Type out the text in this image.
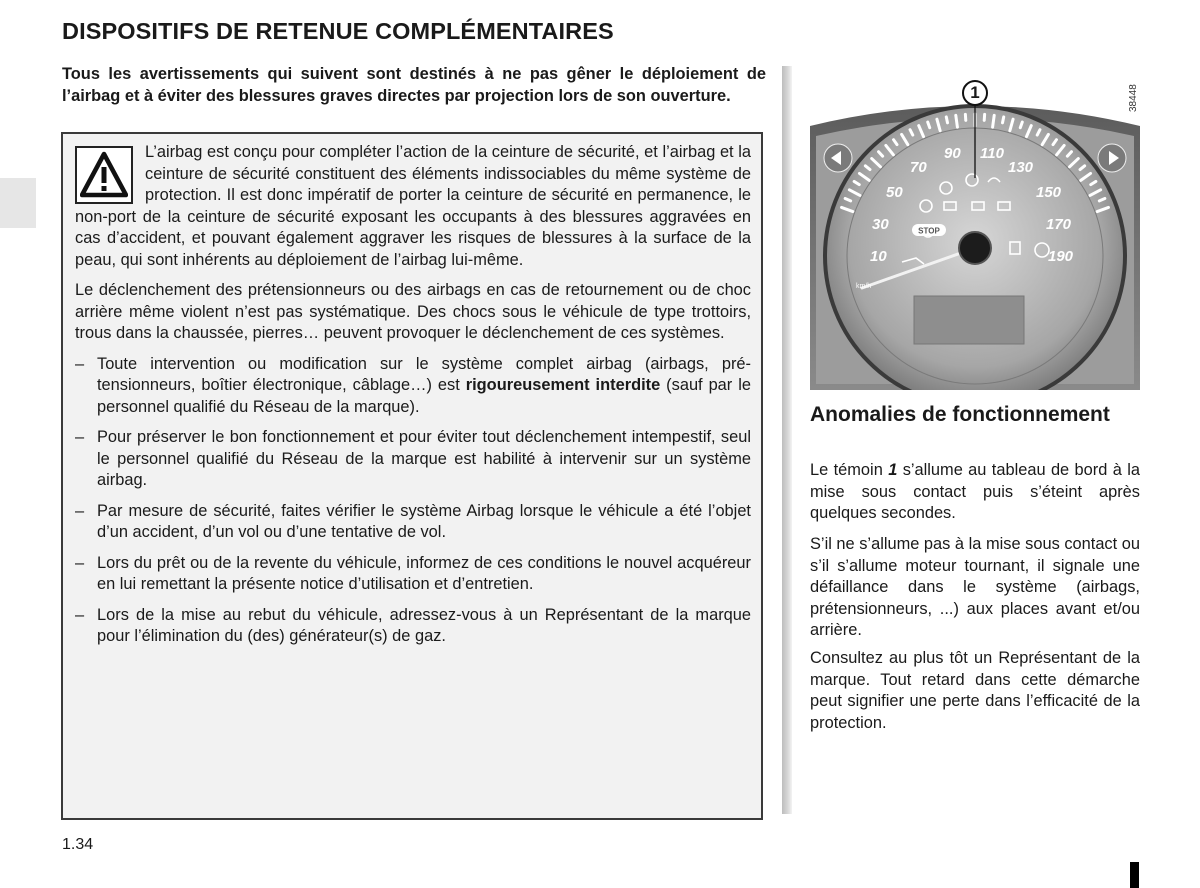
DISPOSITIFS DE RETENUE COMPLÉMENTAIRES

Tous les avertissements qui suivent sont destinés à ne pas gêner le déploiement de l’airbag et à éviter des blessures graves directes par projection lors de son ouverture.

L’airbag est conçu pour compléter l’action de la ceinture de sécurité, et l’airbag et la ceinture de sécurité constituent des éléments indissociables du même système de protection. Il est donc impératif de porter la ceinture de sécurité en permanence, le non-port de la ceinture de sécurité exposant les occupants à des blessures aggravées en cas d’accident, et pouvant également aggraver les risques de blessures à la surface de la peau, qui sont inhérents au déploiement de l’airbag lui-même.

Le déclenchement des prétensionneurs ou des airbags en cas de retournement ou de choc arrière même violent n’est pas systématique. Des chocs sous le véhicule de type trottoirs, trous dans la chaussée, pierres… peuvent provoquer le déclenchement de ces systèmes.

– Toute intervention ou modification sur le système complet airbag (airbags, prétensionneurs, boîtier électronique, câblage…) est rigoureusement interdite (sauf par le personnel qualifié du Réseau de la marque).
– Pour préserver le bon fonctionnement et pour éviter tout déclenchement intempestif, seul le personnel qualifié du Réseau de la marque est habilité à intervenir sur un système airbag.
– Par mesure de sécurité, faites vérifier le système Airbag lorsque le véhicule a été l’objet d’un accident, d’un vol ou d’une tentative de vol.
– Lors du prêt ou de la revente du véhicule, informez de ces conditions le nouvel acquéreur en lui remettant la présente notice d’utilisation et d’entretien.
– Lors de la mise au rebut du véhicule, adressez-vous à un Représentant de la marque pour l’élimination du (des) générateur(s) de gaz.
10
30
50
70
90 110
130
150
170
190
STOP
km/h
1	38448
Anomalies de fonctionnement

Le témoin 1 s’allume au tableau de bord à la mise sous contact puis s’éteint après quelques secondes.

S’il ne s’allume pas à la mise sous contact ou s’il s’allume moteur tournant, il signale une défaillance dans le système (airbags, prétensionneurs, ...) aux places avant et/ou arrière.

Consultez au plus tôt un Représentant de la marque. Tout retard dans cette démarche peut signifier une perte dans l’efficacité de la protection.

1.34
